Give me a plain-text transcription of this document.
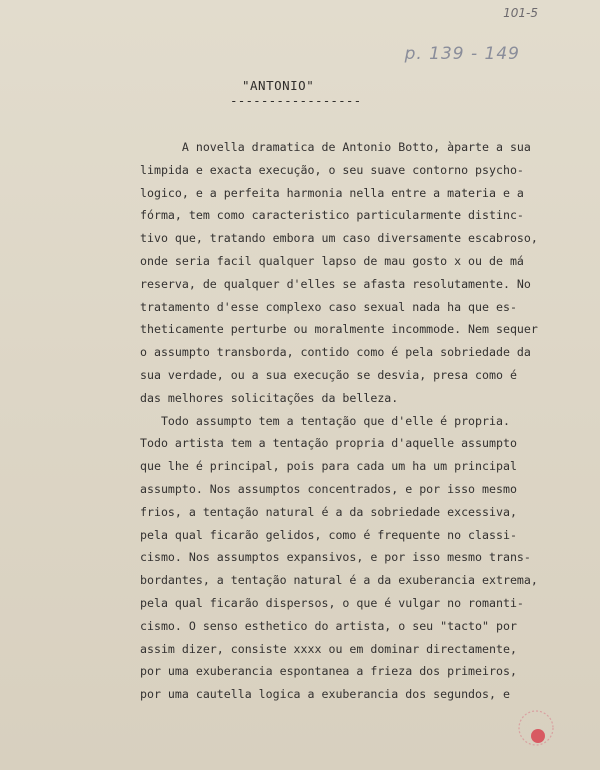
101-5
p. 139 - 149
"ANTONIO"
-----------------
A novella dramatica de Antonio Botto, àparte a sua
limpida e exacta execução, o seu suave contorno psycho-
logico, e a perfeita harmonia nella entre a materia e a
fórma, tem como caracteristico particularmente distinc-
tivo que, tratando embora um caso diversamente escabroso,
onde seria facil qualquer lapso de mau gosto x ou de má
reserva, de qualquer d'elles se afasta resolutamente. No
tratamento d'esse complexo caso sexual nada ha que es-
theticamente perturbe ou moralmente incommode. Nem sequer
o assumpto transborda, contido como é pela sobriedade da
sua verdade, ou a sua execução se desvia, presa como é
das melhores solicitações da belleza.
Todo assumpto tem a tentação que d'elle é propria.
Todo artista tem a tentação propria d'aquelle assumpto
que lhe é principal, pois para cada um ha um principal
assumpto. Nos assumptos concentrados, e por isso mesmo
frios, a tentação natural é a da sobriedade excessiva,
pela qual ficarão gelidos, como é frequente no classi-
cismo. Nos assumptos expansivos, e por isso mesmo trans-
bordantes, a tentação natural é a da exuberancia extrema,
pela qual ficarão dispersos, o que é vulgar no romanti-
cismo. O senso esthetico do artista, o seu "tacto" por
assim dizer, consiste xxxx ou em dominar directamente,
por uma exuberancia espontanea a frieza dos primeiros,
por uma cautella logica a exuberancia dos segundos, e
